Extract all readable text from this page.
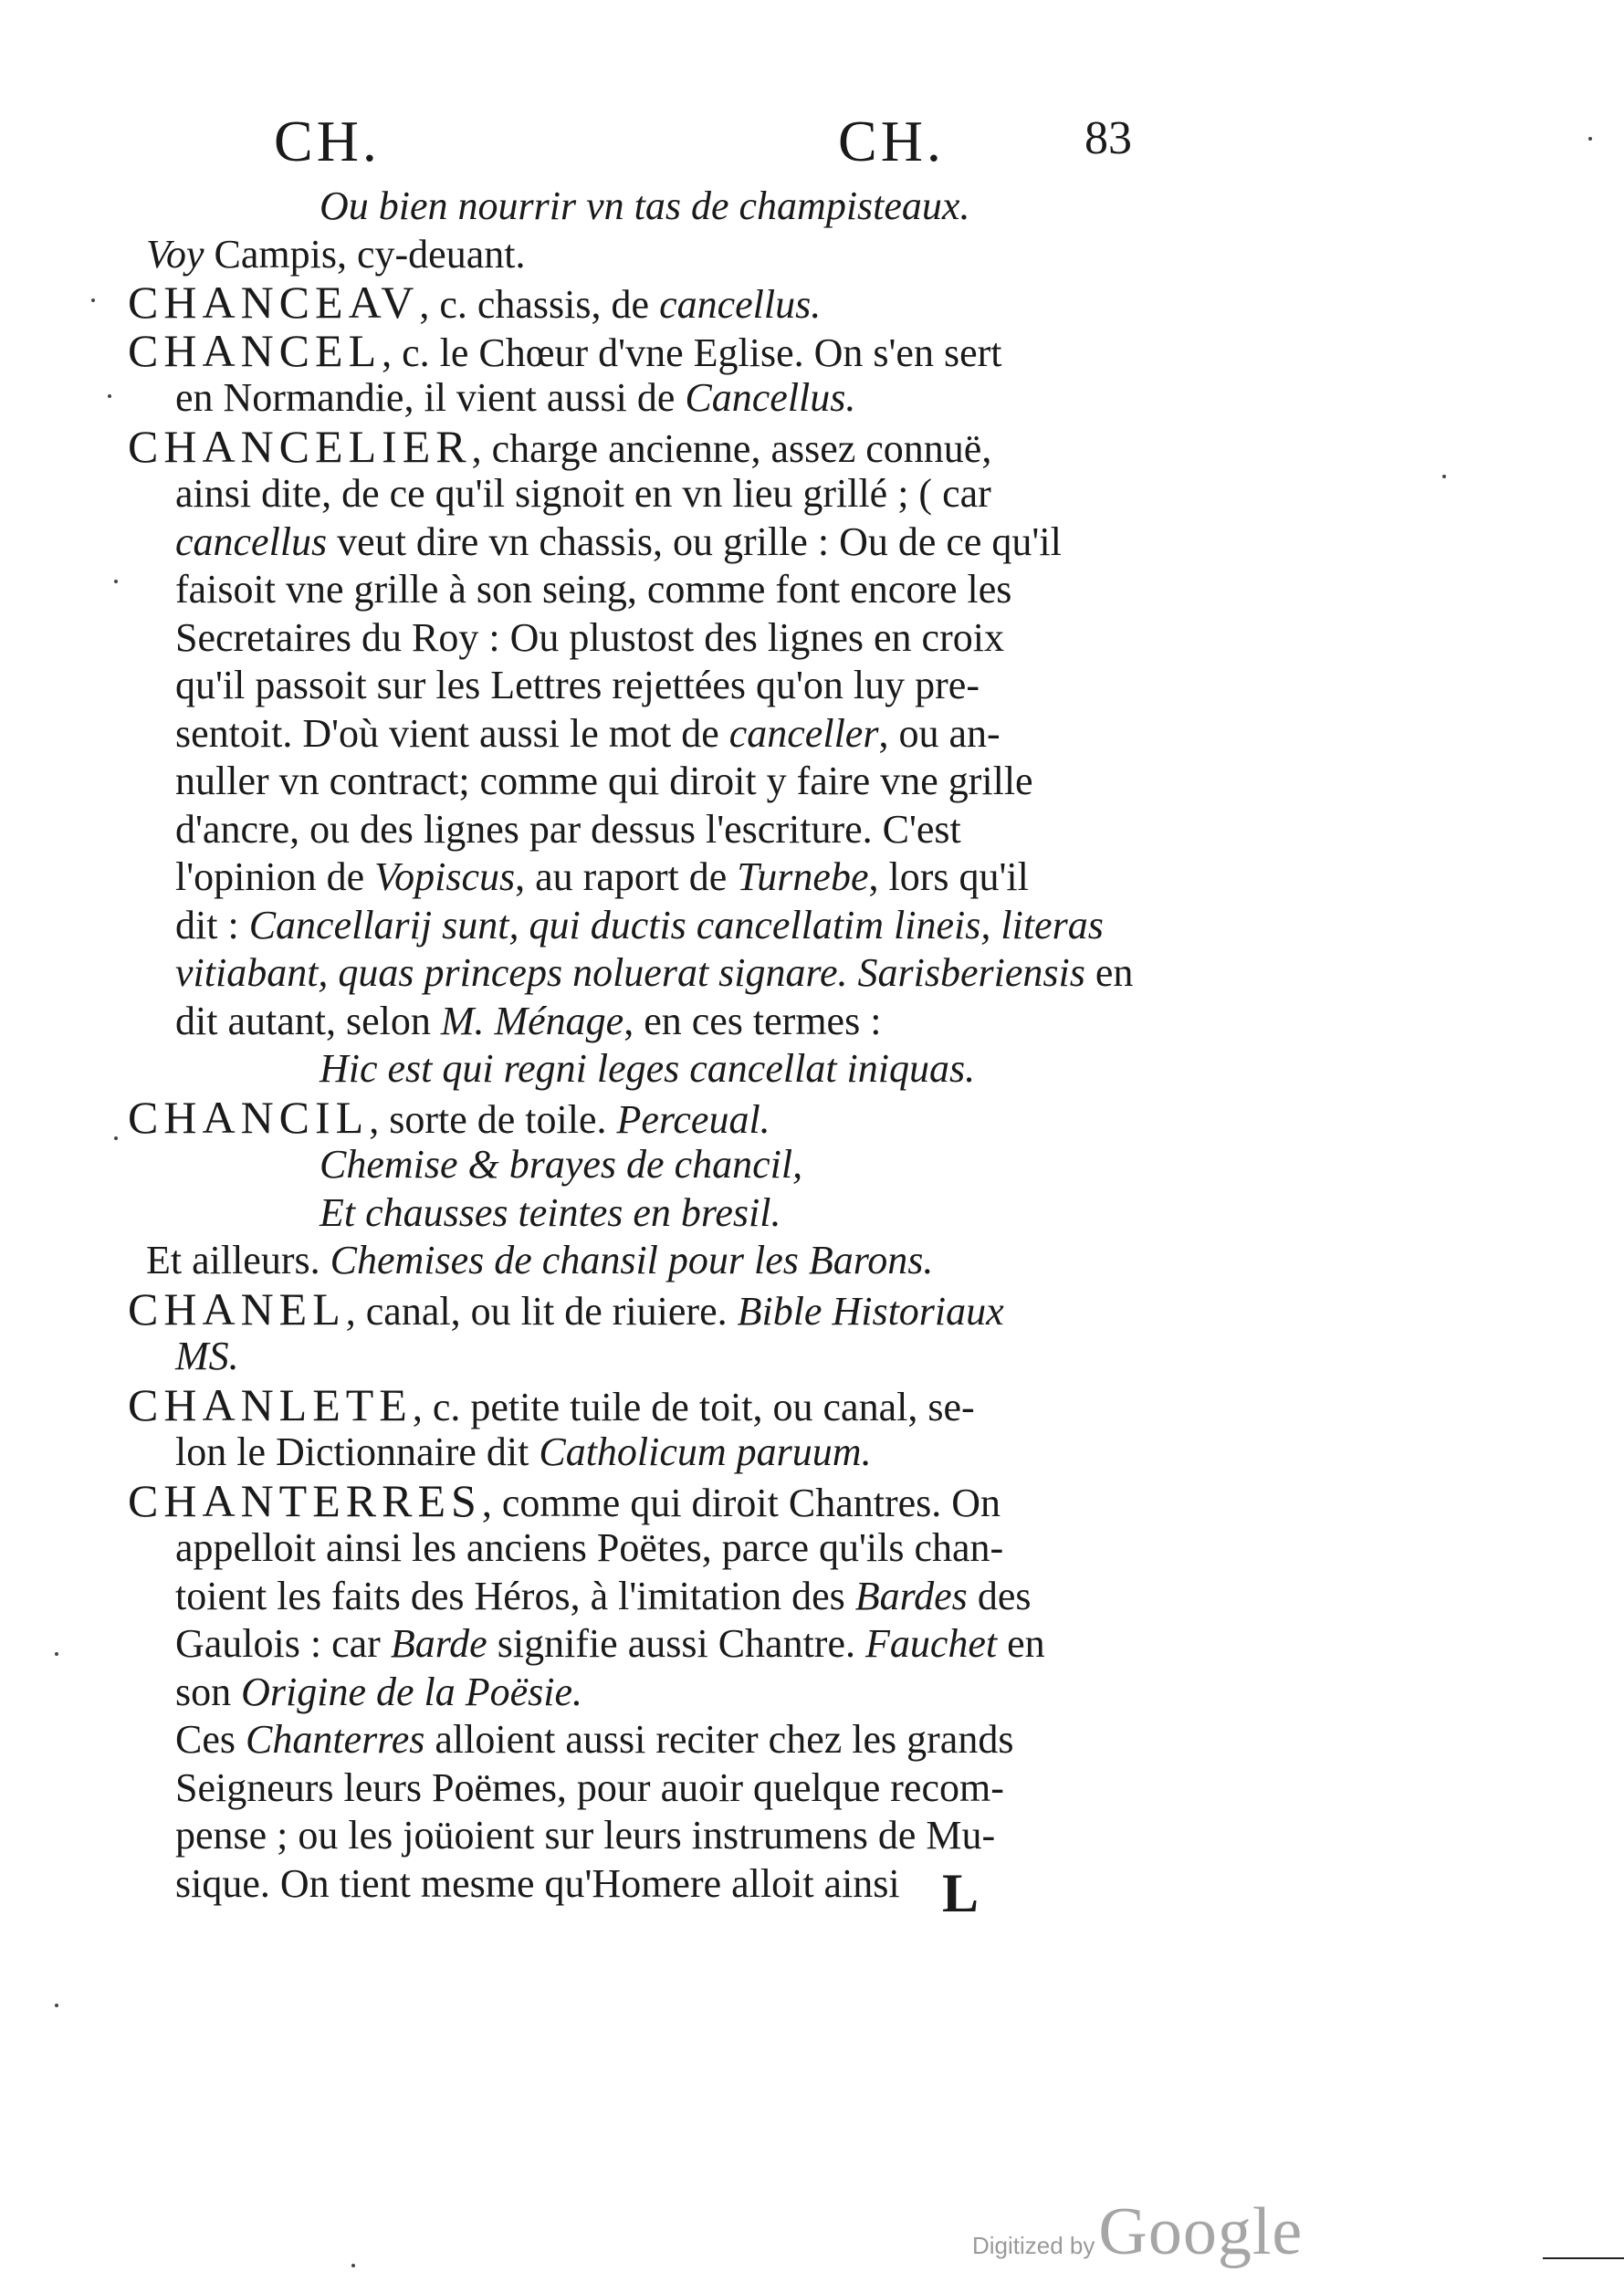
CH.	CH.	83
Ou bien nourrir vn tas de champisteaux.
Voy Campis, cy-deuant.
CHANCEAV, c. chassis, de cancellus.
CHANCEL, c. le Chœur d'vne Eglise. On s'en sert
en Normandie, il vient aussi de Cancellus.
CHANCELIER, charge ancienne, assez connuë,
ainsi dite, de ce qu'il signoit en vn lieu grillé ; ( car
cancellus veut dire vn chassis, ou grille : Ou de ce qu'il
faisoit vne grille à son seing, comme font encore les
Secretaires du Roy : Ou plustost des lignes en croix
qu'il passoit sur les Lettres rejettées qu'on luy pre-
sentoit. D'où vient aussi le mot de canceller, ou an-
nuller vn contract; comme qui diroit y faire vne grille
d'ancre, ou des lignes par dessus l'escriture. C'est
l'opinion de Vopiscus, au raport de Turnebe, lors qu'il
dit : Cancellarij sunt, qui ductis cancellatim lineis, literas
vitiabant, quas princeps noluerat signare. Sarisberiensis en
dit autant, selon M. Ménage, en ces termes :
Hic est qui regni leges cancellat iniquas.
CHANCIL, sorte de toile. Perceual.
Chemise & brayes de chancil,
Et chausses teintes en bresil.
Et ailleurs. Chemises de chansil pour les Barons.
CHANEL, canal, ou lit de riuiere. Bible Historiaux
MS.
CHANLETE, c. petite tuile de toit, ou canal, se-
lon le Dictionnaire dit Catholicum paruum.
CHANTERRES, comme qui diroit Chantres. On
appelloit ainsi les anciens Poëtes, parce qu'ils chan-
toient les faits des Héros, à l'imitation des Bardes des
Gaulois : car Barde signifie aussi Chantre. Fauchet en
son Origine de la Poësie.
Ces Chanterres alloient aussi reciter chez les grands
Seigneurs leurs Poëmes, pour auoir quelque recom-
pense ; ou les joüoient sur leurs instrumens de Mu-
sique. On tient mesme qu'Homere alloit ainsi L
Digitized by Google
